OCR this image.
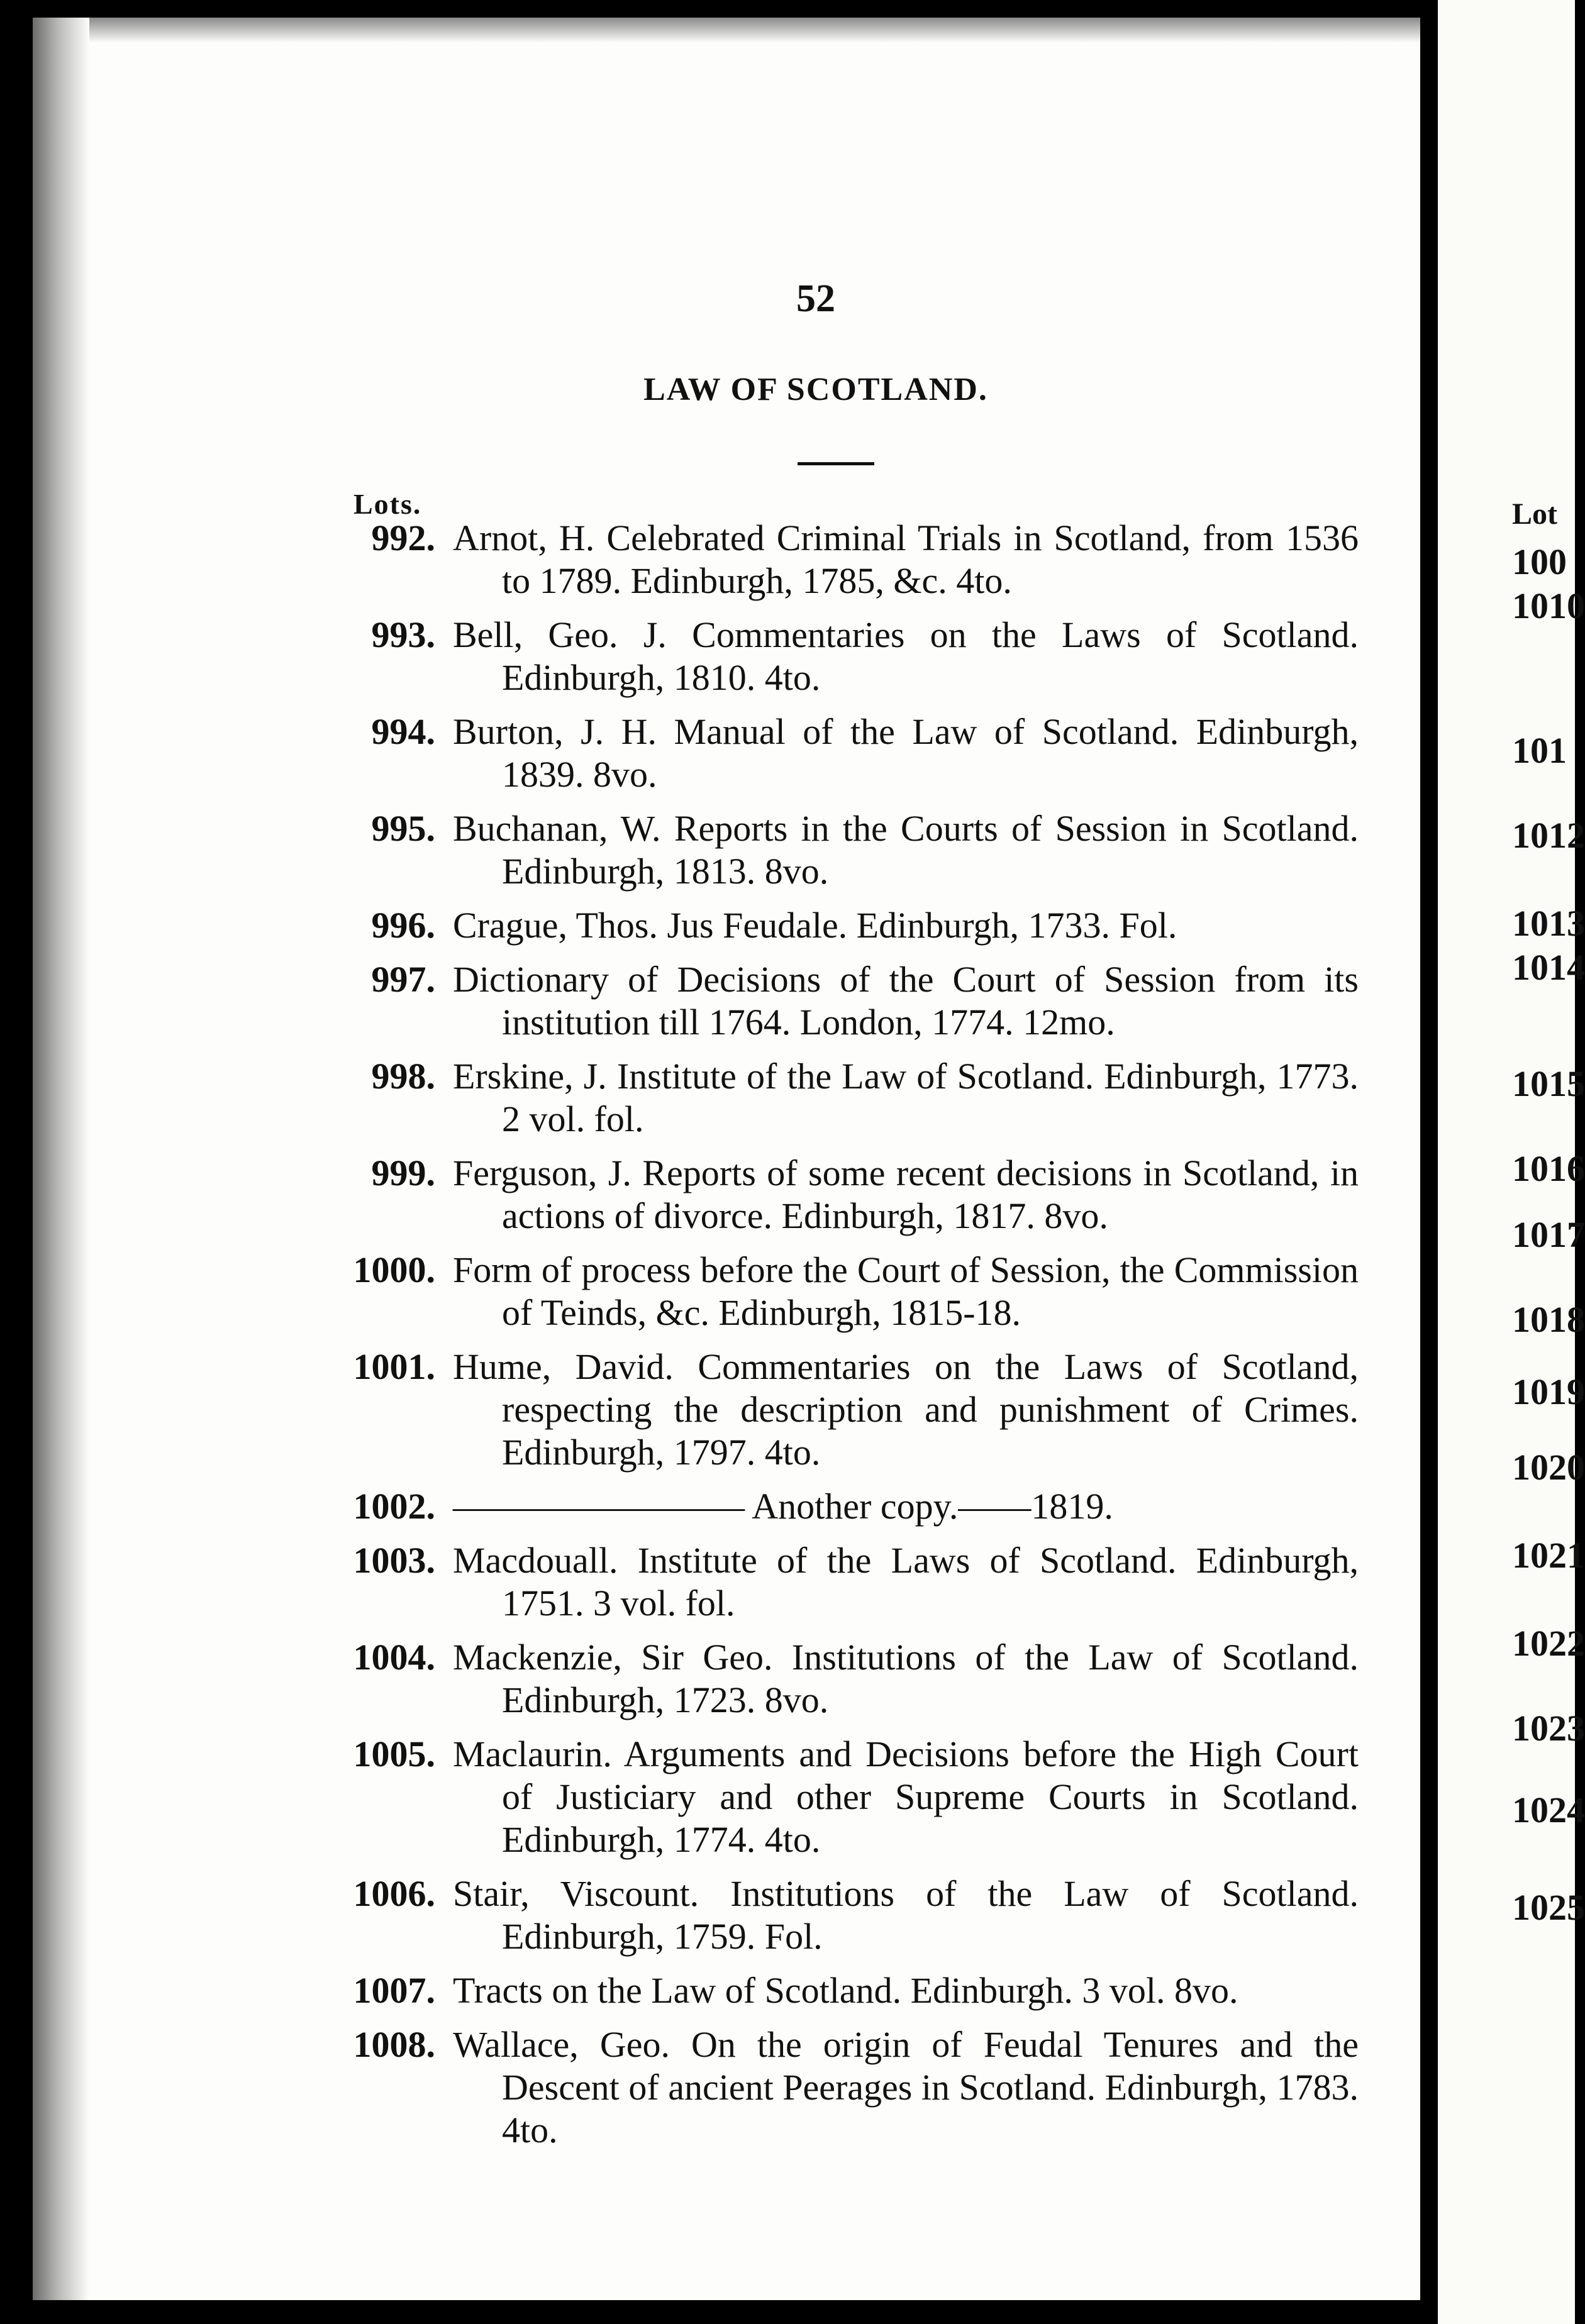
52
LAW OF SCOTLAND.
Lots.
992. Arnot, H. Celebrated Criminal Trials in Scotland, from 1536 to 1789. Edinburgh, 1785, &c. 4to.
993. Bell, Geo. J. Commentaries on the Laws of Scotland. Edinburgh, 1810. 4to.
994. Burton, J. H. Manual of the Law of Scotland. Edinburgh, 1839. 8vo.
995. Buchanan, W. Reports in the Courts of Session in Scotland. Edinburgh, 1813. 8vo.
996. Crague, Thos. Jus Feudale. Edinburgh, 1733. Fol.
997. Dictionary of Decisions of the Court of Session from its institution till 1764. London, 1774. 12mo.
998. Erskine, J. Institute of the Law of Scotland. Edinburgh, 1773. 2 vol. fol.
999. Ferguson, J. Reports of some recent decisions in Scotland, in actions of divorce. Edinburgh, 1817. 8vo.
1000. Form of process before the Court of Session, the Commission of Teinds, &c. Edinburgh, 1815-18.
1001. Hume, David. Commentaries on the Laws of Scotland, respecting the description and punishment of Crimes. Edinburgh, 1797. 4to.
1002. ———————— Another copy.——1819.
1003. Macdouall. Institute of the Laws of Scotland. Edinburgh, 1751. 3 vol. fol.
1004. Mackenzie, Sir Geo. Institutions of the Law of Scotland. Edinburgh, 1723. 8vo.
1005. Maclaurin. Arguments and Decisions before the High Court of Justiciary and other Supreme Courts in Scotland. Edinburgh, 1774. 4to.
1006. Stair, Viscount. Institutions of the Law of Scotland. Edinburgh, 1759. Fol.
1007. Tracts on the Law of Scotland. Edinburgh. 3 vol. 8vo.
1008. Wallace, Geo. On the origin of Feudal Tenures and the Descent of ancient Peerages in Scotland. Edinburgh, 1783. 4to.
Lot
100
1010
101
1012
1013
1014
1015
1016
1017
1018
1019
1020
1021
1022
1023
1024
1025
